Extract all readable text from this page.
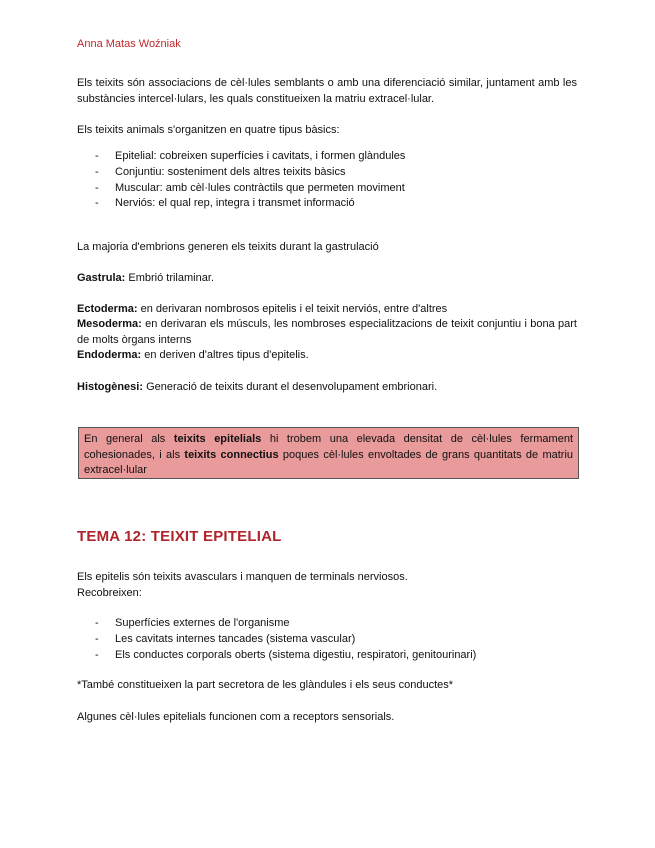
Anna Matas Woźniak

Els teixits són associacions de cèl·lules semblants o amb una diferenciació similar, juntament amb les substàncies intercel·lulars, les quals constitueixen la matriu extracel·lular.

Els teixits animals s'organitzen en quatre tipus bàsics:

- Epitelial: cobreixen superfícies i cavitats, i formen glàndules
- Conjuntiu: sosteniment dels altres teixits bàsics
- Muscular: amb cèl·lules contràctils que permeten moviment
- Nerviós: el qual rep, integra i transmet informació

La majoria d'embrions generen els teixits durant la gastrulació

Gastrula: Embrió trilaminar.

Ectoderma: en derivaran nombrosos epitelis i el teixit nerviós, entre d'altres

Mesoderma: en derivaran els músculs, les nombroses especialitzacions de teixit conjuntiu i bona part de molts òrgans interns

Endoderma: en deriven d'altres tipus d'epitelis.

Histogènesi: Generació de teixits durant el desenvolupament embrionari.

En general als teixits epitelials hi trobem una elevada densitat de cèl·lules fermament cohesionades, i als teixits connectius poques cèl·lules envoltades de grans quantitats de matriu extracel·lular
TEMA 12: TEIXIT EPITELIAL

Els epitelis són teixits avasculars i manquen de terminals nerviosos.
Recobreixen:

- Superfícies externes de l'organisme
- Les cavitats internes tancades (sistema vascular)
- Els conductes corporals oberts (sistema digestiu, respiratori, genitourinari)

*També constitueixen la part secretora de les glàndules i els seus conductes*

Algunes cèl·lules epitelials funcionen com a receptors sensorials.
